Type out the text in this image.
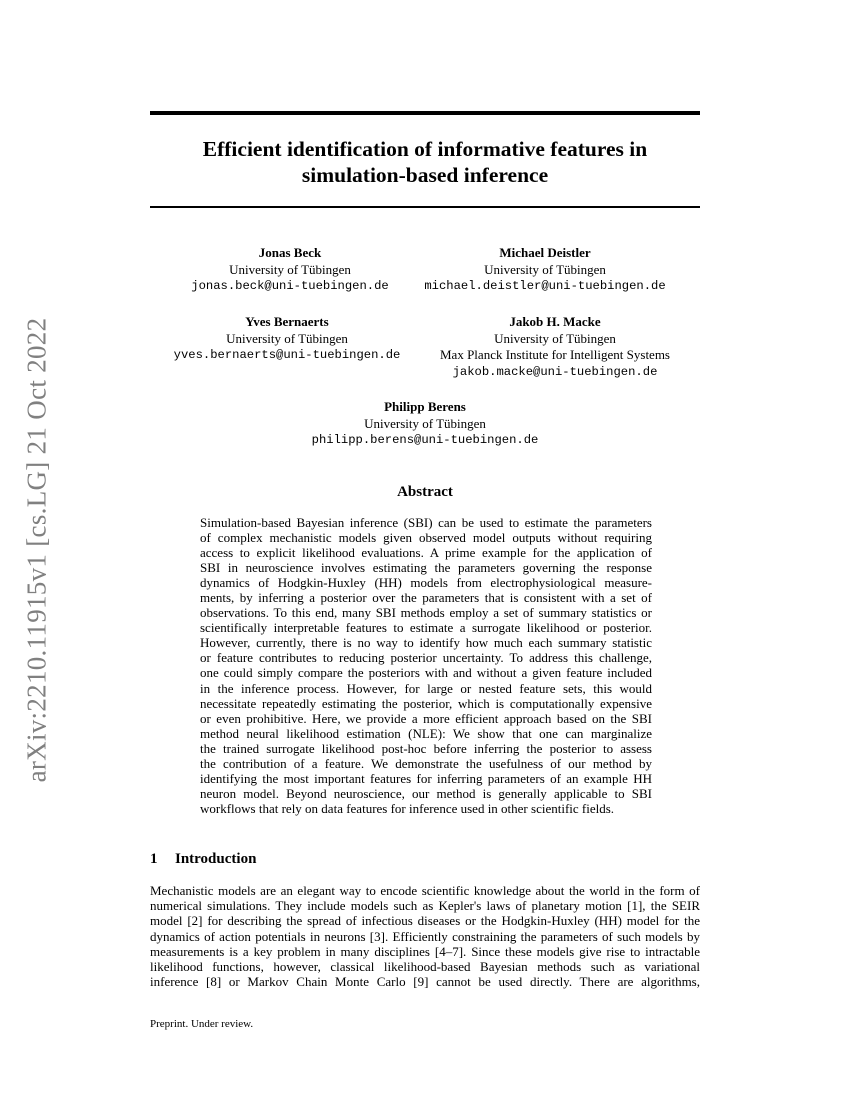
arXiv:2210.11915v1 [cs.LG] 21 Oct 2022
Efficient identification of informative features in
simulation-based inference
Jonas Beck
University of Tübingen
jonas.beck@uni-tuebingen.de
Michael Deistler
University of Tübingen
michael.deistler@uni-tuebingen.de
Yves Bernaerts
University of Tübingen
yves.bernaerts@uni-tuebingen.de
Jakob H. Macke
University of Tübingen
Max Planck Institute for Intelligent Systems
jakob.macke@uni-tuebingen.de
Philipp Berens
University of Tübingen
philipp.berens@uni-tuebingen.de
Abstract
Simulation-based Bayesian inference (SBI) can be used to estimate the parameters
of complex mechanistic models given observed model outputs without requiring
access to explicit likelihood evaluations. A prime example for the application of
SBI in neuroscience involves estimating the parameters governing the response
dynamics of Hodgkin-Huxley (HH) models from electrophysiological measure-
ments, by inferring a posterior over the parameters that is consistent with a set of
observations. To this end, many SBI methods employ a set of summary statistics or
scientifically interpretable features to estimate a surrogate likelihood or posterior.
However, currently, there is no way to identify how much each summary statistic
or feature contributes to reducing posterior uncertainty. To address this challenge,
one could simply compare the posteriors with and without a given feature included
in the inference process. However, for large or nested feature sets, this would
necessitate repeatedly estimating the posterior, which is computationally expensive
or even prohibitive. Here, we provide a more efficient approach based on the SBI
method neural likelihood estimation (NLE): We show that one can marginalize
the trained surrogate likelihood post-hoc before inferring the posterior to assess
the contribution of a feature. We demonstrate the usefulness of our method by
identifying the most important features for inferring parameters of an example HH
neuron model. Beyond neuroscience, our method is generally applicable to SBI
workflows that rely on data features for inference used in other scientific fields.
1 Introduction
Mechanistic models are an elegant way to encode scientific knowledge about the world in the form of
numerical simulations. They include models such as Kepler's laws of planetary motion [1], the SEIR
model [2] for describing the spread of infectious diseases or the Hodgkin-Huxley (HH) model for the
dynamics of action potentials in neurons [3]. Efficiently constraining the parameters of such models by
measurements is a key problem in many disciplines [4–7]. Since these models give rise to intractable
likelihood functions, however, classical likelihood-based Bayesian methods such as variational
inference [8] or Markov Chain Monte Carlo [9] cannot be used directly. There are algorithms,
Preprint. Under review.
